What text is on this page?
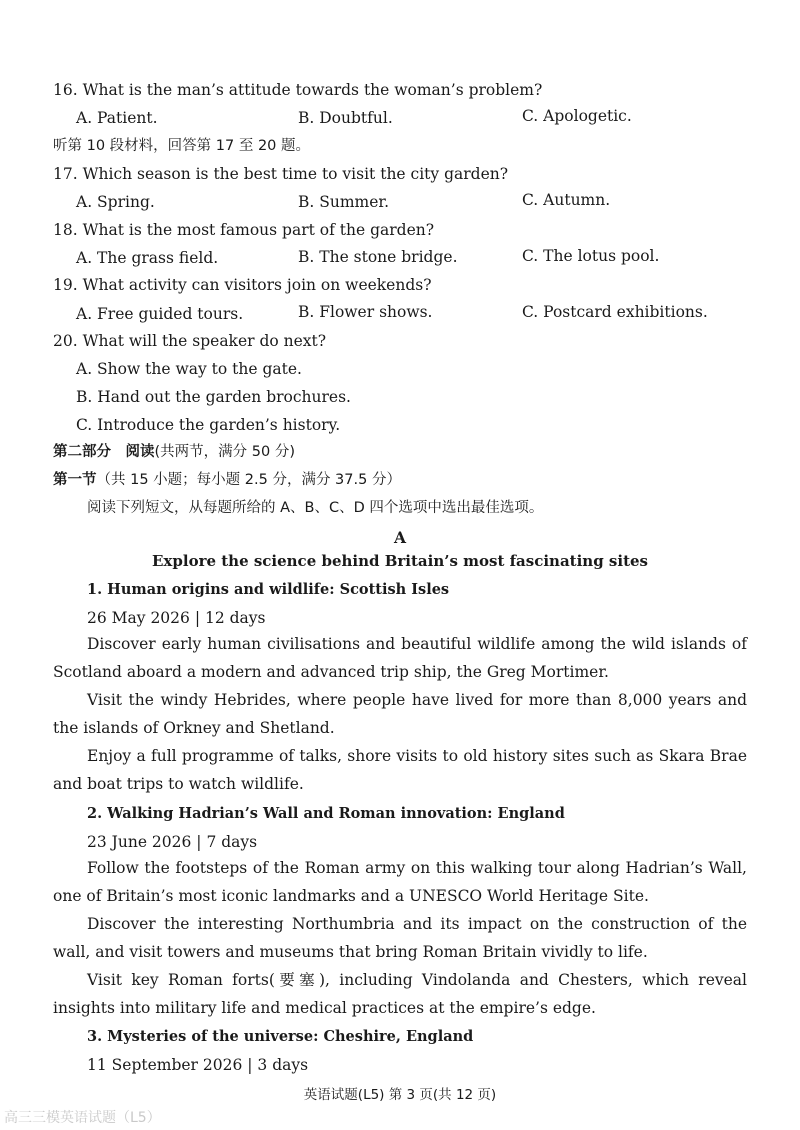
16. What is the man’s attitude towards the woman’s problem?
A. Patient.	B. Doubtful.	C. Apologetic.
听第 10 段材料，回答第 17 至 20 题。
17. Which season is the best time to visit the city garden?
A. Spring.	B. Summer.	C. Autumn.
18. What is the most famous part of the garden?
A. The grass field.	B. The stone bridge.	C. The lotus pool.
19. What activity can visitors join on weekends?
A. Free guided tours.	B. Flower shows.	C. Postcard exhibitions.
20. What will the speaker do next?
A. Show the way to the gate.
B. Hand out the garden brochures.
C. Introduce the garden’s history.
第二部分　阅读(共两节，满分 50 分)
第一节（共 15 小题；每小题 2.5 分，满分 37.5 分）
阅读下列短文，从每题所给的 A、B、C、D 四个选项中选出最佳选项。
A
Explore the science behind Britain’s most fascinating sites
1. Human origins and wildlife: Scottish Isles
26 May 2026 | 12 days
Discover early human civilisations and beautiful wildlife among the wild islands of Scotland aboard a modern and advanced trip ship, the Greg Mortimer.
Visit the windy Hebrides, where people have lived for more than 8,000 years and the islands of Orkney and Shetland.
Enjoy a full programme of talks, shore visits to old history sites such as Skara Brae and boat trips to watch wildlife.
2. Walking Hadrian’s Wall and Roman innovation: England
23 June 2026 | 7 days
Follow the footsteps of the Roman army on this walking tour along Hadrian’s Wall, one of Britain’s most iconic landmarks and a UNESCO World Heritage Site.
Discover the interesting Northumbria and its impact on the construction of the wall, and visit towers and museums that bring Roman Britain vividly to life.
Visit key Roman forts(要塞), including Vindolanda and Chesters, which reveal insights into military life and medical practices at the empire’s edge.
3. Mysteries of the universe: Cheshire, England
11 September 2026 | 3 days
英语试题(L5) 第 3 页(共 12 页)
高三三模英语试题（L5）
